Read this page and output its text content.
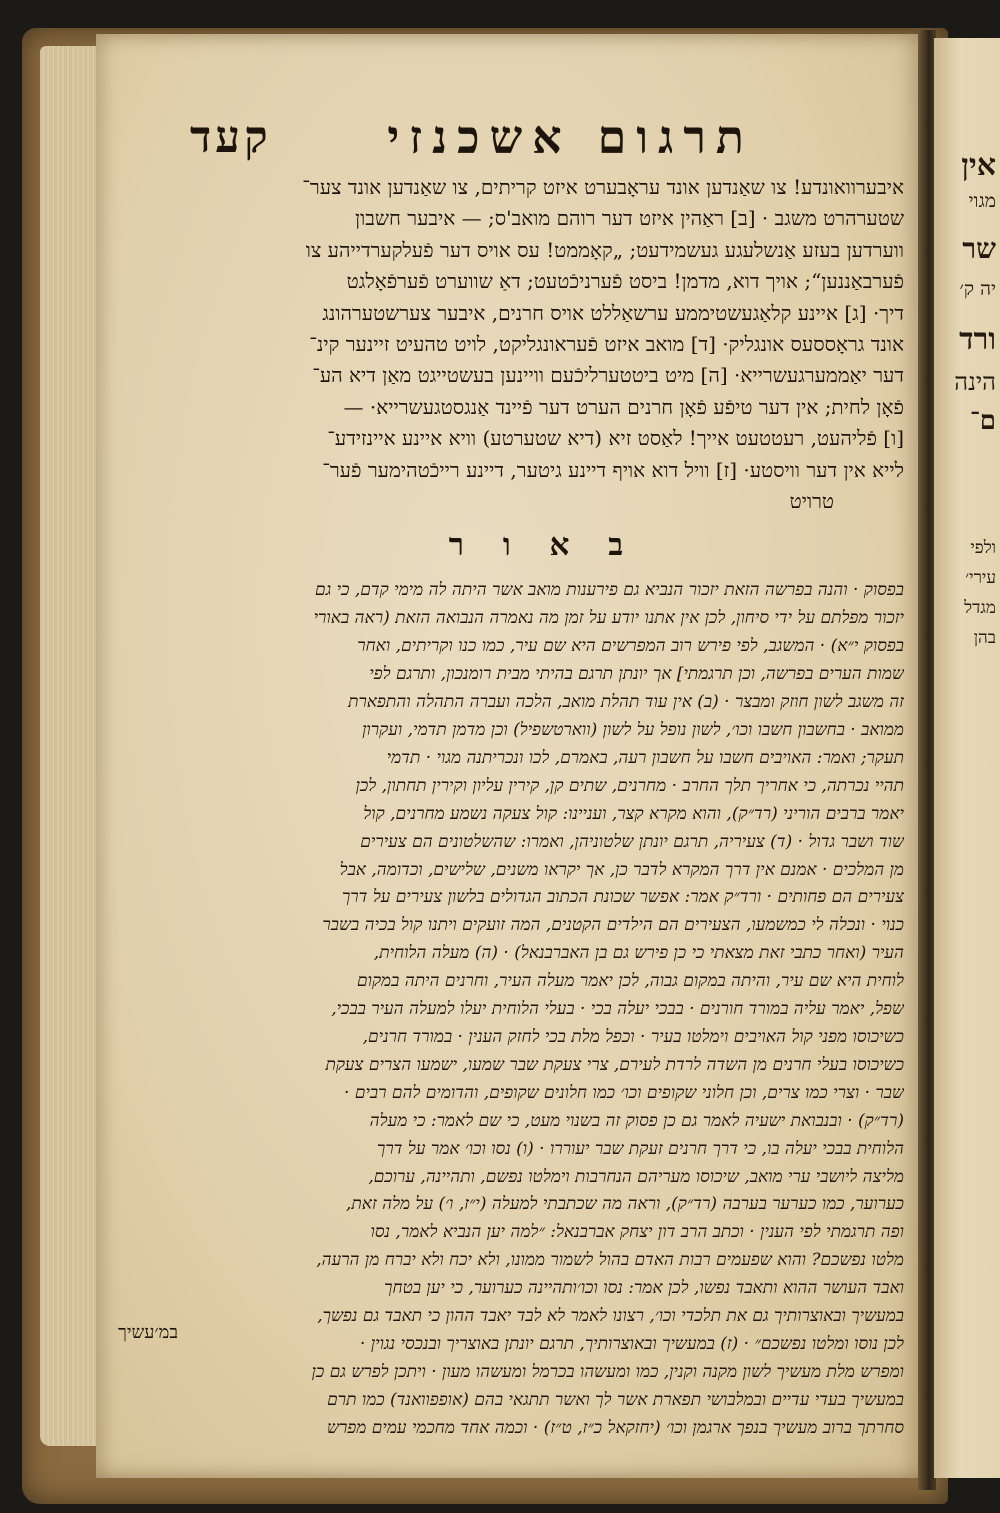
תרגום אשכנזי
קעד
איבערוואונדע! צו שאַנדען אונד עראָבערט איזט קריתים, צו שאַנדען אונד צער־
שטערהרט משגב · [ב] ראַהין איזט דער רוהם מואב'ס; — איבער חשבון
ווערדען בעזע אַנשלעגע געשמידעט; „קאָממט! עס אויס דער פֿעלקערדייהע צו
פֿערבאַננען“; אויך דוא, מדמן! ביסט פֿערניכֿטעט; דאַ שווערט פֿערפֿאָלגט
דיך· [ג] איינע קלאַגעשטיממע ערשאַללט אויס חרנים, איבער צערשטערהונג
אונד גראָססעס אונגליק· [ד] מואב איזט פֿעראונגליקט, לויט טהעיט זיינער קינ־
דער יאַממערגעשרייא· [ה] מיט ביטטערליכֿעם וויינען בעשטייגט מאַן דיא הע־
פֿאָן לחית; אין דער טיפֿע פֿאָן חרנים הערט דער פֿיינד אַנגסטגעשרייא· —
[ו] פֿליהעט, רעטטעט אייך! לאַסט זיא (דיא שטערטע) וויא איינע איינזידע־
לייא אין דער וויסטע· [ז] וויל דוא אויף דיינע גיטער, דיינע רייכֿטהימער פֿער־
טרויט
ב א ו ר
בפסוק · והנה בפרשה הזאת יזכור הנביא גם פירענות מואב אשר היתה לה מימי קדם, כי גם
יזכור מפלתם על ידי סיחון, לכן אין אתנו יודע על זמן מה נאמרה הנבואה הזאת (ראה באורי
בפסוק י״א) · המשגב, לפי פירש רוב המפרשים היא שם עיר, כמו כנו וקריתים, ואחר
שמות הערים בפרשה, וכן תרגמתי] אך יונתן תרגם בהיתי מבית רומנכון, ותרגם לפי
זה משגב לשון חוזק ומבצר · (ב) אין עוד תהלת מואב, הלכה ועברה התהלה והתפארת
ממואב · בחשבון חשבו וכו׳, לשון נופל על לשון (ווארטשפיל) וכן מדמן תדמי, ועקרון
תעקר; ואמר: האויבים חשבו על חשבון רעה, באמרם, לכו ונכריתנה מגוי · תדמי
תהיי נכרתה, כי אחריך תלך החרב · מחרנים, שתים קן, קירין עליון וקירין תחתון, לכן
יאמר ברבים הוריני (רד״ק), והוא מקרא קצר, ועניינו: קול צעקה נשמע מחרנים, קול
שוד ושבר גדול · (ד) צעיריה, תרגם יונתן שלטוניהן, ואמרו: שהשלטונים הם צעירים
מן המלכים · אמנם אין דרך המקרא לדבר כן, אך יקראו משנים, שלישים, וכדומה, אבל
צעירים הם פחותים · ורד״ק אמר: אפשר שכונת הכתוב הגדולים בלשון צעירים על דרך
כנוי · ונכלה לי כמשמעו, הצעירים הם הילדים הקטנים, המה זועקים ויתנו קול בכיה בשבר
העיר (ואחר כתבי זאת מצאתי כי כן פירש גם בן האברבנאל) · (ה) מעלה הלוחית,
לוחית היא שם עיר, והיתה במקום גבוה, לכן יאמר מעלה העיר, וחרנים היתה במקום
שפל, יאמר עליה במורד חורנים · בבכי יעלה בכי · בעלי הלוחית יעלו למעלה העיר בבכי,
כשיכוסו מפני קול האויבים וימלטו בעיר · וכפל מלת בכי לחזק הענין · במורד חרנים,
כשיכוסו בעלי חרנים מן השדה לרדת לעירם, צרי צעקת שבר שמעו, ישמעו הצרים צעקת
שבר · וצרי כמו צרים, וכן חלוני שקופים וכו׳ כמו חלונים שקופים, והדומים להם רבים ·
(רד״ק) · ובנבואת ישעיה לאמר גם כן פסוק זה בשנוי מעט, כי שם לאמר: כי מעלה
הלוחית בבכי יעלה בו, כי דרך חרנים זעקת שבר יעוררו · (ו) נסו וכו׳ אמר על דרך
מליצה ליושבי ערי מואב, שיכוסו מעריהם הנחרבות וימלטו נפשם, ותהיינה, ערוכם,
כערוער, כמו כערער בערבה (רד״ק), וראה מה שכתבתי למעלה (י״ז, ו׳) על מלה זאת,
ופה תרגמתי לפי הענין · וכתב הרב דון יצחק אברבנאל: ״למה יען הנביא לאמר, נסו
מלטו נפשכם? והוא שפעמים רבות האדם בהול לשמור ממונו, ולא יכח ולא יברח מן הרעה,
ואבד העושר ההוא ותאבד נפשו, לכן אמר: נסו וכו׳ותהיינה כערוער, כי יען בטחך
במעשיך ובאוצרותיך גם את תלכדי וכו׳, רצונו לאמר לא לבד יאבד ההון כי תאבד גם נפשך,
לכן נוסו ומלטו נפשכם״ · (ז) במעשיך ובאוצרותיך, תרגם יונתן באוצריך ובנכסי נגוין ·
ומפרש מלת מעשיך לשון מקנה וקנין, כמו ומעשהו בכרמל ומעשהו מעון · ויתכן לפרש גם כן
במעשיך בעדי עדיים ובמלבושי תפארת אשר לך ואשר תתגאי בהם (אופפוואנד) כמו תרם
סחרתך ברוב מעשיך בנפך ארגמן וכו׳ (יחזקאל כ״ז, ט״ז) · וכמה אחד מחכמי עמים מפרש
במ׳עשיך
אין
מגוי
שר
יה ק׳
ורד
הינה
ם־
ולפי
עירי׳
מגדל
בהן
